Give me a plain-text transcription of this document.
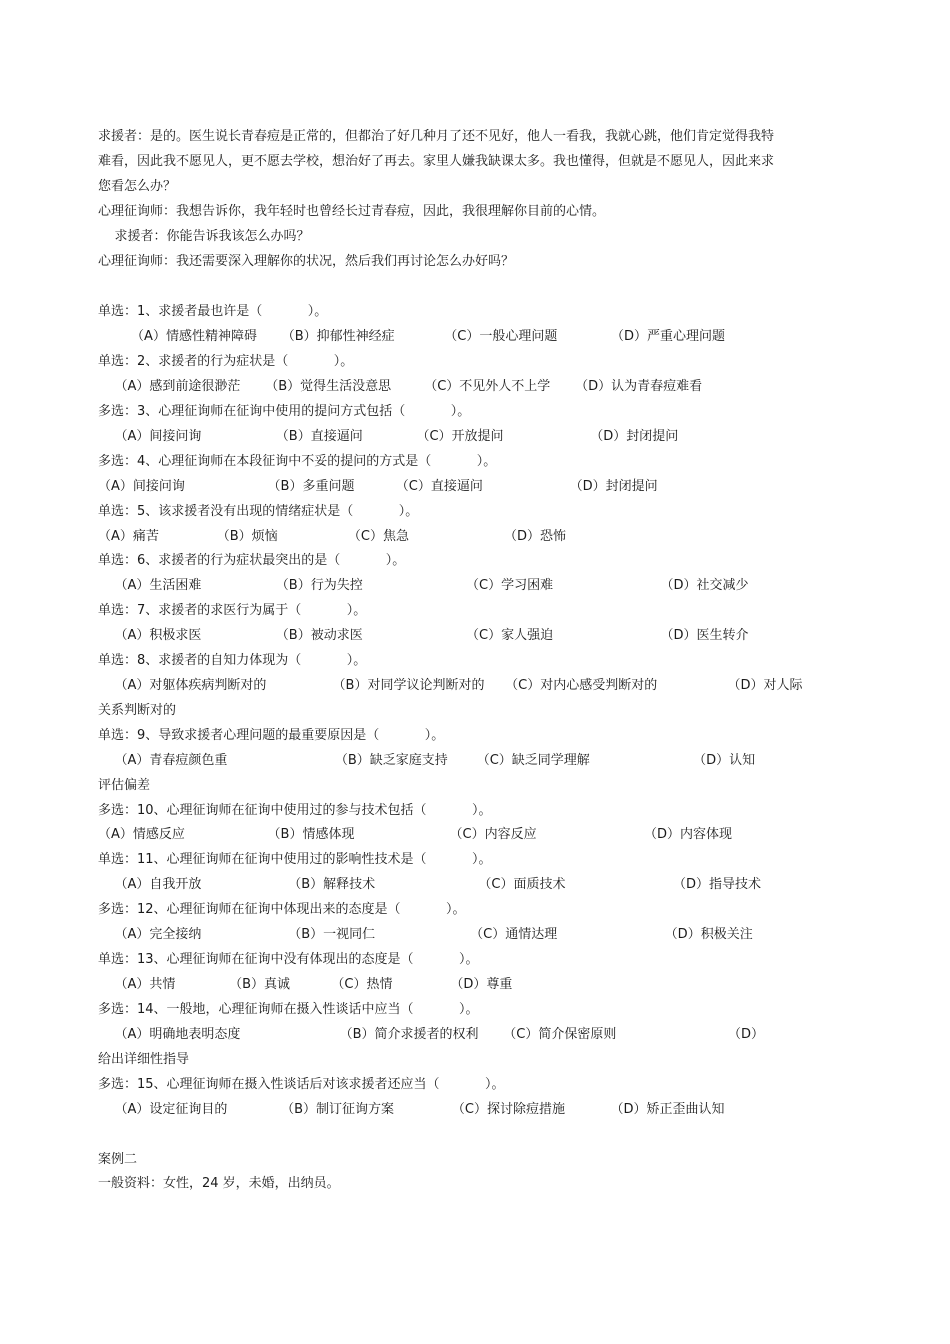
求援者：是的。医生说长青春痘是正常的，但都治了好几种月了还不见好，他人一看我，我就心跳，他们肯定觉得我特
难看，因此我不愿见人，更不愿去学校，想治好了再去。家里人嫌我缺课太多。我也懂得，但就是不愿见人，因此来求
您看怎么办？
心理征询师：我想告诉你，我年轻时也曾经长过青春痘，因此，我很理解你目前的心情。
求援者：你能告诉我该怎么办吗？
心理征询师：我还需要深入理解你的状况，然后我们再讨论怎么办好吗？
单选：1、求援者最也许是（           ）。
（A）情感性精神障碍      （B）抑郁性神经症            （C）一般心理问题             （D）严重心理问题
单选：2、求援者的行为症状是（           ）。
（A）感到前途很渺茫      （B）觉得生活没意思        （C）不见外人不上学      （D）认为青春痘难看
多选：3、心理征询师在征询中使用的提问方式包括（           ）。
（A）间接问询                  （B）直接逼问             （C）开放提问                     （D）封闭提问
多选：4、心理征询师在本段征询中不妥的提问的方式是（           ）。
（A）间接问询                    （B）多重问题          （C）直接逼问                     （D）封闭提问
单选：5、该求援者没有出现的情绪症状是（           ）。
（A）痛苦              （B）烦恼                 （C）焦急                       （D）恐怖
单选：6、求援者的行为症状最突出的是（           ）。
（A）生活困难                  （B）行为失控                         （C）学习困难                          （D）社交减少
单选：7、求援者的求医行为属于（           ）。
（A）积极求医                  （B）被动求医                         （C）家人强迫                          （D）医生转介
单选：8、求援者的自知力体现为（           ）。
（A）对躯体疾病判断对的                （B）对同学议论判断对的     （C）对内心感受判断对的                 （D）对人际
关系判断对的
单选：9、导致求援者心理问题的最重要原因是（           ）。
（A）青春痘颜色重                          （B）缺乏家庭支持       （C）缺乏同学理解                         （D）认知
评估偏差
多选：10、心理征询师在征询中使用过的参与技术包括（           ）。
（A）情感反应                    （B）情感体现                       （C）内容反应                          （D）内容体现
单选：11、心理征询师在征询中使用过的影响性技术是（           ）。
（A）自我开放                     （B）解释技术                         （C）面质技术                          （D）指导技术
多选：12、心理征询师在征询中体现出来的态度是（           ）。
（A）完全接纳                     （B）一视同仁                       （C）通情达理                          （D）积极关注
单选：13、心理征询师在征询中没有体现出的态度是（           ）。
（A）共情             （B）真诚          （C）热情              （D）尊重
多选：14、一般地，心理征询师在摄入性谈话中应当（           ）。
（A）明确地表明态度                        （B）简介求援者的权利      （C）简介保密原则                           （D）
给出详细性指导
多选：15、心理征询师在摄入性谈话后对该求援者还应当（           ）。
（A）设定征询目的             （B）制订征询方案              （C）探讨除痘措施           （D）矫正歪曲认知
案例二
一般资料：女性，24 岁，未婚，出纳员。
